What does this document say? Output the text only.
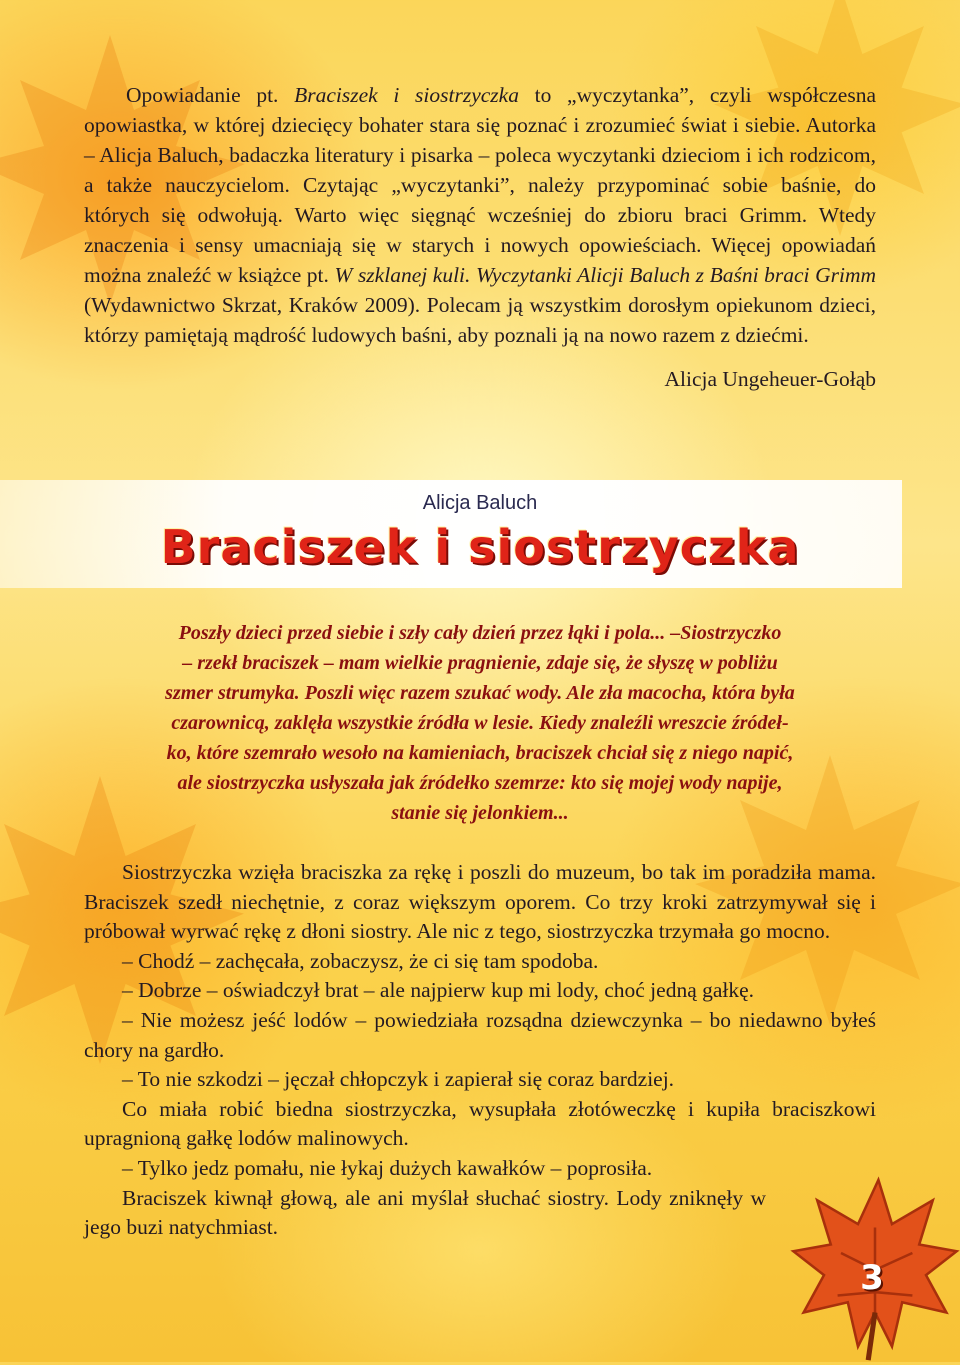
Opowiadanie pt. Braciszek i siostrzyczka to „wyczytanka”, czyli współczesna opowiastka, w której dziecięcy bohater stara się poznać i zrozumieć świat i siebie. Autorka – Alicja Baluch, badaczka literatury i pisarka – poleca wyczytanki dzieciom i ich rodzicom, a także nauczycielom. Czytając „wyczytanki”, należy przypominać sobie baśnie, do których się odwołują. Warto więc sięgnąć wcześniej do zbioru braci Grimm. Wtedy znaczenia i sensy umacniają się w starych i nowych opowieściach. Więcej opowiadań można znaleźć w książce pt. W szklanej kuli. Wyczytanki Alicji Baluch z Baśni braci Grimm (Wydawnictwo Skrzat, Kraków 2009). Polecam ją wszystkim dorosłym opiekunom dzieci, którzy pamiętają mądrość ludowych baśni, aby poznali ją na nowo razem z dziećmi.

Alicja Ungeheuer-Gołąb

Alicja Baluch
Braciszek i siostrzyczka

Poszły dzieci przed siebie i szły cały dzień przez łąki i pola... –Siostrzyczko

– rzekł braciszek – mam wielkie pragnienie, zdaje się, że słyszę w pobliżu

szmer strumyka. Poszli więc razem szukać wody. Ale zła macocha, która była

czarownicą, zaklęła wszystkie źródła w lesie. Kiedy znaleźli wreszcie źródeł-

ko, które szemrało wesoło na kamieniach, braciszek chciał się z niego napić,

ale siostrzyczka usłyszała jak źródełko szemrze: kto się mojej wody napije,

stanie się jelonkiem...

Siostrzyczka wzięła braciszka za rękę i poszli do muzeum, bo tak im poradziła mama. Braciszek szedł niechętnie, z coraz większym oporem. Co trzy kroki zatrzymywał się i próbował wyrwać rękę z dłoni siostry. Ale nic z tego, siostrzyczka trzymała go mocno.

– Chodź – zachęcała, zobaczysz, że ci się tam spodoba.

– Dobrze – oświadczył brat – ale najpierw kup mi lody, choć jedną gałkę.

– Nie możesz jeść lodów – powiedziała rozsądna dziewczynka – bo niedawno byłeś chory na gardło.

– To nie szkodzi – jęczał chłopczyk i zapierał się coraz bardziej.

Co miała robić biedna siostrzyczka, wysupłała złotóweczkę i kupiła braciszkowi upragnioną gałkę lodów malinowych.

– Tylko jedz pomału, nie łykaj dużych kawałków – poprosiła.

Braciszek kiwnął głową, ale ani myślał słuchać siostry. Lody zniknęły w jego buzi natychmiast.

3
